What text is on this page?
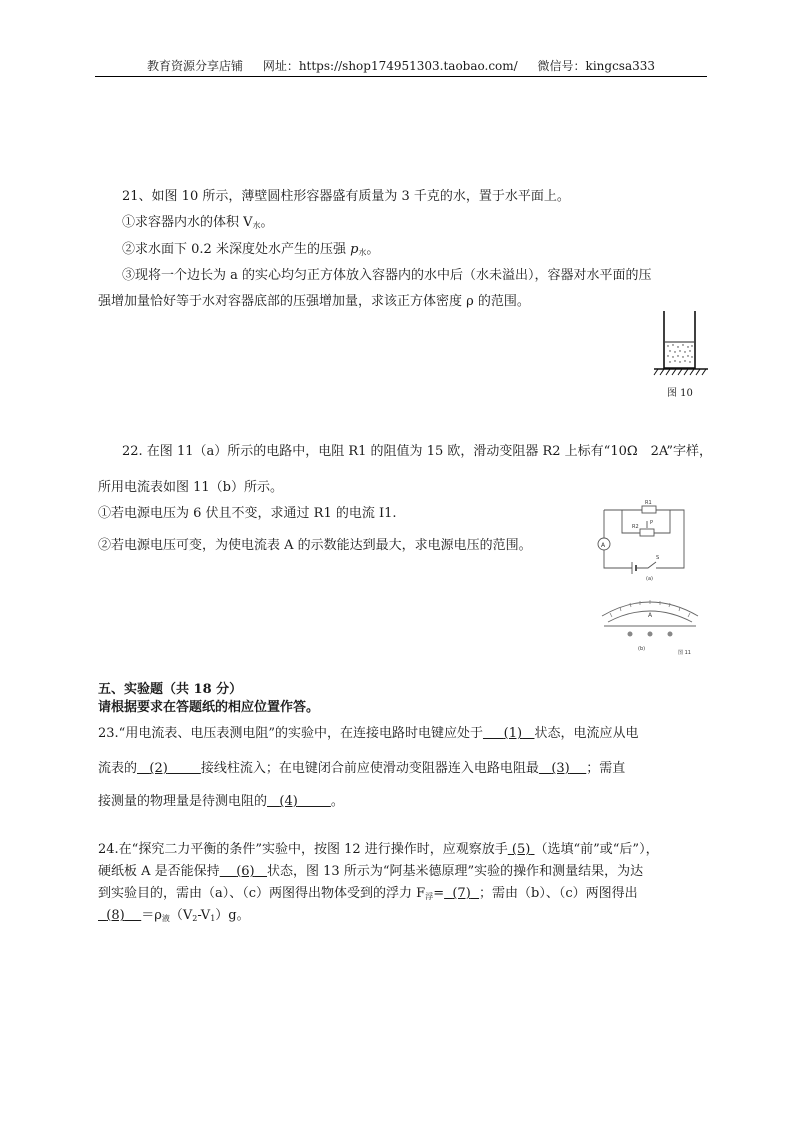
教育资源分享店铺 网址：https://shop174951303.taobao.com/ 微信号：kingcsa333
21、如图 10 所示，薄壁圆柱形容器盛有质量为 3 千克的水，置于水平面上。
①求容器内水的体积 V水。
②求水面下 0.2 米深度处水产生的压强 p水。
③现将一个边长为 a 的实心均匀正方体放入容器内的水中后（水未溢出），容器对水平面的压
强增加量恰好等于水对容器底部的压强增加量，求该正方体密度 ρ 的范围。
图 10
22. 在图 11（a）所示的电路中，电阻 R1 的阻值为 15 欧，滑动变阻器 R2 上标有“10Ω　2A”字样，
所用电流表如图 11（b）所示。
①若电源电压为 6 伏且不变，求通过 R1 的电流 I1.
②若电源电压可变，为使电流表 A 的示数能达到最大，求电源电压的范围。	A
R1
R2
P
S
(a)
A
(b)
图 11
五、实验题（共 18 分）
请根据要求在答题纸的相应位置作答。
23.“用电流表、电压表测电阻”的实验中，在连接电路时电键应处于 (1) 状态，电流应从电
流表的 (2)	接线柱流入；在电键闭合前应使滑动变阻器连入电路电阻最 (3) ；需直
接测量的物理量是待测电阻的 (4)	。
24.在“探究二力平衡的条件”实验中，按图 12 进行操作时，应观察放手 (5) （选填“前”或“后”），
硬纸板 A 是否能保持 (6) 状态，图 13 所示为“阿基米德原理”实验的操作和测量结果，为达
到实验目的，需由（a）、（c）两图得出物体受到的浮力 F浮= (7) ；需由（b）、（c）两图得出
(8) ＝ρ液（V2-V1）g。
